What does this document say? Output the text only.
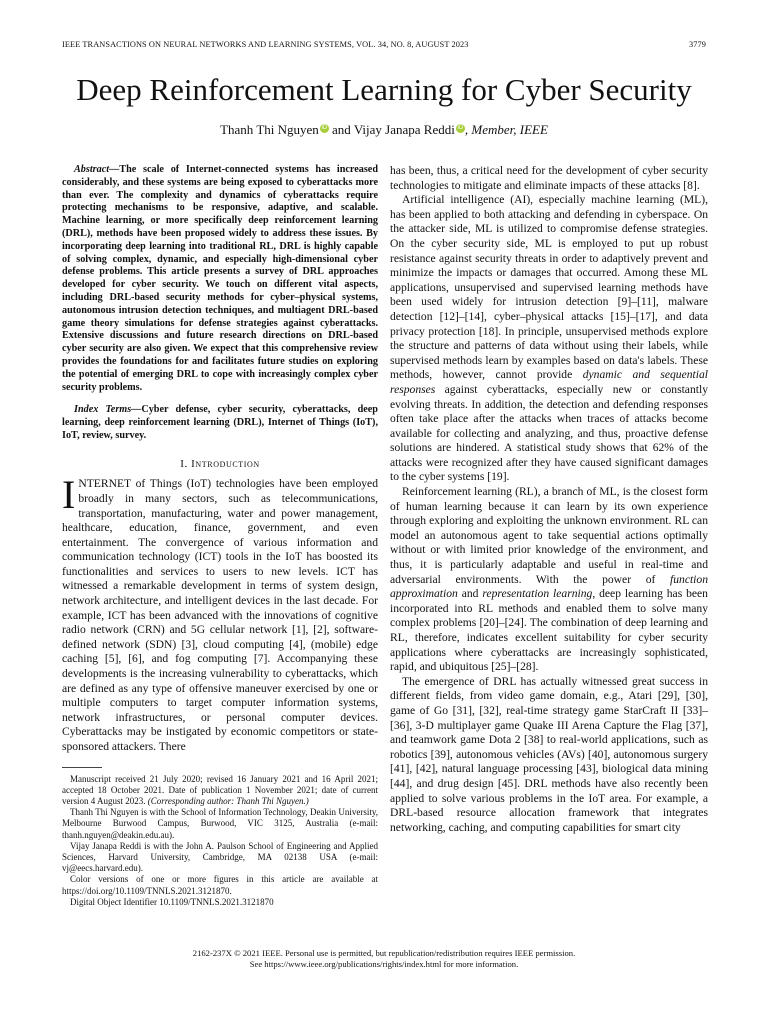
IEEE TRANSACTIONS ON NEURAL NETWORKS AND LEARNING SYSTEMS, VOL. 34, NO. 8, AUGUST 2023	3779
Deep Reinforcement Learning for Cyber Security
Thanh Thi Nguyen iD and Vijay Janapa Reddi iD , Member, IEEE
Abstract—The scale of Internet-connected systems has increased considerably, and these systems are being exposed to cyberattacks more than ever. The complexity and dynamics of cyberattacks require protecting mechanisms to be responsive, adaptive, and scalable. Machine learning, or more specifically deep reinforcement learning (DRL), methods have been proposed widely to address these issues. By incorporating deep learning into traditional RL, DRL is highly capable of solving complex, dynamic, and especially high-dimensional cyber defense problems. This article presents a survey of DRL approaches developed for cyber security. We touch on different vital aspects, including DRL-based security methods for cyber–physical systems, autonomous intrusion detection techniques, and multiagent DRL-based game theory simulations for defense strategies against cyberattacks. Extensive discussions and future research directions on DRL-based cyber security are also given. We expect that this comprehensive review provides the foundations for and facilitates future studies on exploring the potential of emerging DRL to cope with increasingly complex cyber security problems.
Index Terms—Cyber defense, cyber security, cyberattacks, deep learning, deep reinforcement learning (DRL), Internet of Things (IoT), IoT, review, survey.
I. Introduction

INTERNET of Things (IoT) technologies have been employed broadly in many sectors, such as telecommunications, transportation, manufacturing, water and power management, healthcare, education, finance, government, and even entertainment. The convergence of various information and communication technology (ICT) tools in the IoT has boosted its functionalities and services to users to new levels. ICT has witnessed a remarkable development in terms of system design, network architecture, and intelligent devices in the last decade. For example, ICT has been advanced with the innovations of cognitive radio network (CRN) and 5G cellular network [1], [2], software-defined network (SDN) [3], cloud computing [4], (mobile) edge caching [5], [6], and fog computing [7]. Accompanying these developments is the increasing vulnerability to cyberattacks, which are defined as any type of offensive maneuver exercised by one or multiple computers to target computer information systems, network infrastructures, or personal computer devices. Cyberattacks may be instigated by economic competitors or state-sponsored attackers. There

Manuscript received 21 July 2020; revised 16 January 2021 and 16 April 2021; accepted 18 October 2021. Date of publication 1 November 2021; date of current version 4 August 2023. (Corresponding author: Thanh Thi Nguyen.)

Thanh Thi Nguyen is with the School of Information Technology, Deakin University, Melbourne Burwood Campus, Burwood, VIC 3125, Australia (e-mail: thanh.nguyen@deakin.edu.au).

Vijay Janapa Reddi is with the John A. Paulson School of Engineering and Applied Sciences, Harvard University, Cambridge, MA 02138 USA (e-mail: vj@eecs.harvard.edu).

Color versions of one or more figures in this article are available at https://doi.org/10.1109/TNNLS.2021.3121870.

Digital Object Identifier 10.1109/TNNLS.2021.3121870

has been, thus, a critical need for the development of cyber security technologies to mitigate and eliminate impacts of these attacks [8].

Artificial intelligence (AI), especially machine learning (ML), has been applied to both attacking and defending in cyberspace. On the attacker side, ML is utilized to compromise defense strategies. On the cyber security side, ML is employed to put up robust resistance against security threats in order to adaptively prevent and minimize the impacts or damages that occurred. Among these ML applications, unsupervised and supervised learning methods have been used widely for intrusion detection [9]–[11], malware detection [12]–[14], cyber–physical attacks [15]–[17], and data privacy protection [18]. In principle, unsupervised methods explore the structure and patterns of data without using their labels, while supervised methods learn by examples based on data's labels. These methods, however, cannot provide dynamic and sequential responses against cyberattacks, especially new or constantly evolving threats. In addition, the detection and defending responses often take place after the attacks when traces of attacks become available for collecting and analyzing, and thus, proactive defense solutions are hindered. A statistical study shows that 62% of the attacks were recognized after they have caused significant damages to the cyber systems [19].

Reinforcement learning (RL), a branch of ML, is the closest form of human learning because it can learn by its own experience through exploring and exploiting the unknown environment. RL can model an autonomous agent to take sequential actions optimally without or with limited prior knowledge of the environment, and thus, it is particularly adaptable and useful in real-time and adversarial environments. With the power of function approximation and representation learning, deep learning has been incorporated into RL methods and enabled them to solve many complex problems [20]–[24]. The combination of deep learning and RL, therefore, indicates excellent suitability for cyber security applications where cyberattacks are increasingly sophisticated, rapid, and ubiquitous [25]–[28].

The emergence of DRL has actually witnessed great success in different fields, from video game domain, e.g., Atari [29], [30], game of Go [31], [32], real-time strategy game StarCraft II [33]–[36], 3-D multiplayer game Quake III Arena Capture the Flag [37], and teamwork game Dota 2 [38] to real-world applications, such as robotics [39], autonomous vehicles (AVs) [40], autonomous surgery [41], [42], natural language processing [43], biological data mining [44], and drug design [45]. DRL methods have also recently been applied to solve various problems in the IoT area. For example, a DRL-based resource allocation framework that integrates networking, caching, and computing capabilities for smart city

2162-237X © 2021 IEEE. Personal use is permitted, but republication/redistribution requires IEEE permission.
See https://www.ieee.org/publications/rights/index.html for more information.
